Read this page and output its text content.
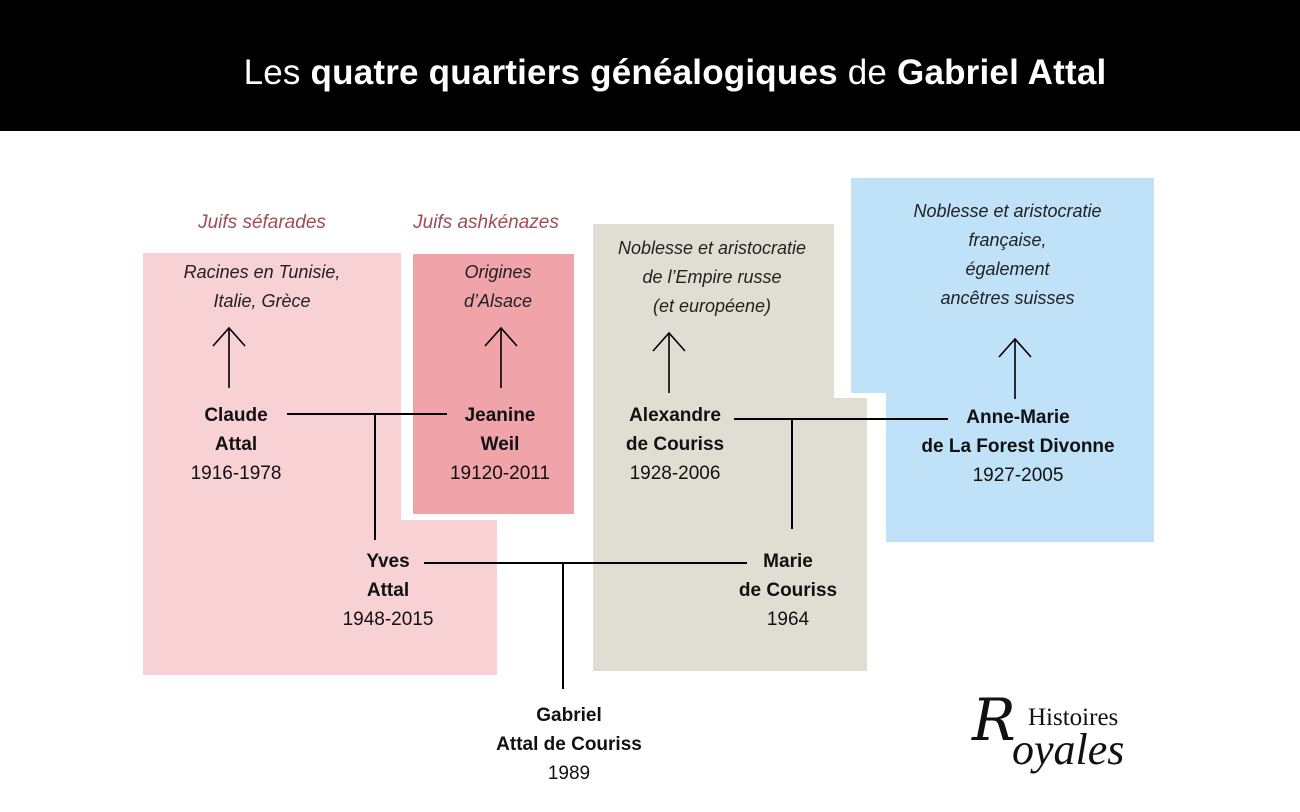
Les quatre quartiers généalogiques de Gabriel Attal
Juifs séfarades	Juifs ashkénazes
Racines en Tunisie,
Italie, Grèce
Origines
d’Alsace
Noblesse et aristocratie
de l’Empire russe
(et européene)
Noblesse et aristocratie
française,
également
ancêtres suisses
Claude
Attal
1916-1978
Jeanine
Weil
19120-2011
Alexandre
de Couriss
1928-2006
Anne-Marie
de La Forest Divonne
1927-2005
Yves
Attal
1948-2015
Marie
de Couriss
1964
Gabriel
Attal de Couriss
1989
R Histoires
oyales
